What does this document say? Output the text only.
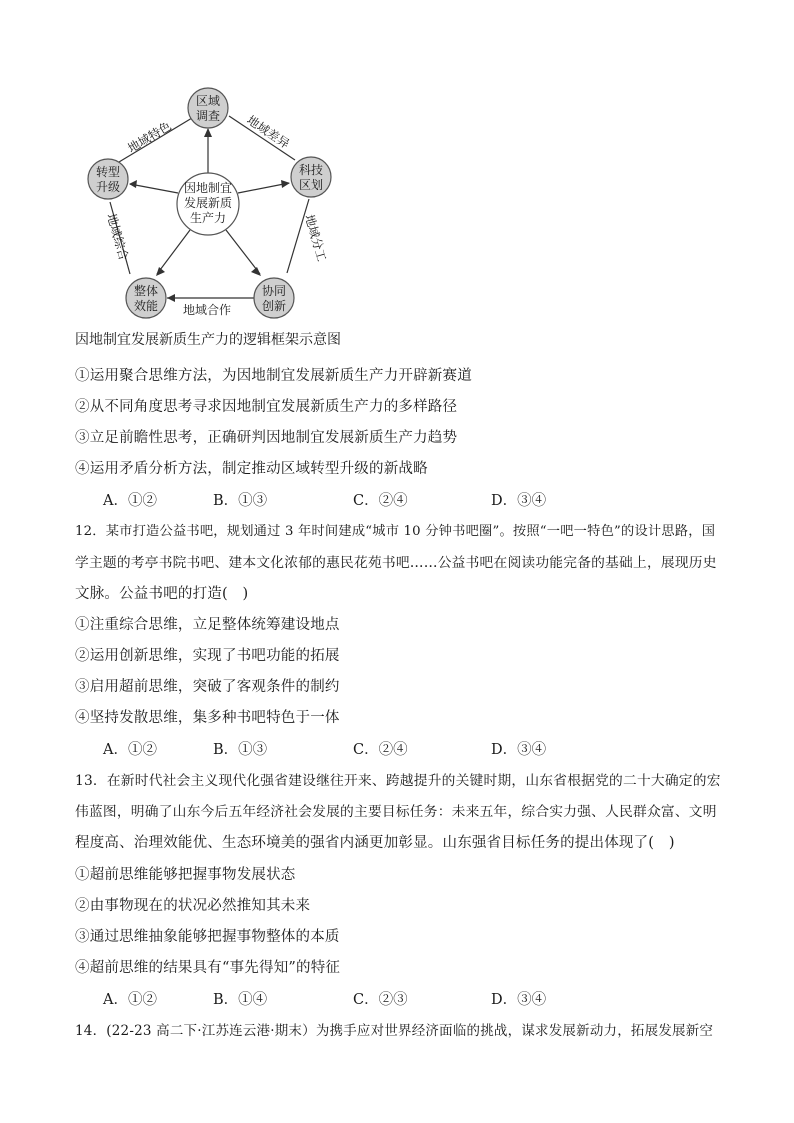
区域
调查
科技
区划
协同
创新
整体
效能
转型
升级	因地制宜
发展新质
生产力
地域特色	地域差异
地域分工
地域合作
地域综合
因地制宜发展新质生产力的逻辑框架示意图
①运用聚合思维方法，为因地制宜发展新质生产力开辟新赛道
②从不同角度思考寻求因地制宜发展新质生产力的多样路径
③立足前瞻性思考，正确研判因地制宜发展新质生产力趋势
④运用矛盾分析方法，制定推动区域转型升级的新战略
A．①②	B．①③	C．②④	D．③④
12．某市打造公益书吧，规划通过 3 年时间建成“城市 10 分钟书吧圈”。按照“一吧一特色”的设计思路，国
学主题的考亭书院书吧、建本文化浓郁的惠民花苑书吧……公益书吧在阅读功能完备的基础上，展现历史
文脉。公益书吧的打造(　)
①注重综合思维，立足整体统筹建设地点
②运用创新思维，实现了书吧功能的拓展
③启用超前思维，突破了客观条件的制约
④坚持发散思维，集多种书吧特色于一体
A．①②	B．①③	C．②④	D．③④
13．在新时代社会主义现代化强省建设继往开来、跨越提升的关键时期，山东省根据党的二十大确定的宏
伟蓝图，明确了山东今后五年经济社会发展的主要目标任务：未来五年，综合实力强、人民群众富、文明
程度高、治理效能优、生态环境美的强省内涵更加彰显。山东强省目标任务的提出体现了(　)
①超前思维能够把握事物发展状态
②由事物现在的状况必然推知其未来
③通过思维抽象能够把握事物整体的本质
④超前思维的结果具有“事先得知”的特征
A．①②	B．①④	C．②③	D．③④
14．(22-23 高二下·江苏连云港·期末）为携手应对世界经济面临的挑战，谋求发展新动力，拓展发展新空
